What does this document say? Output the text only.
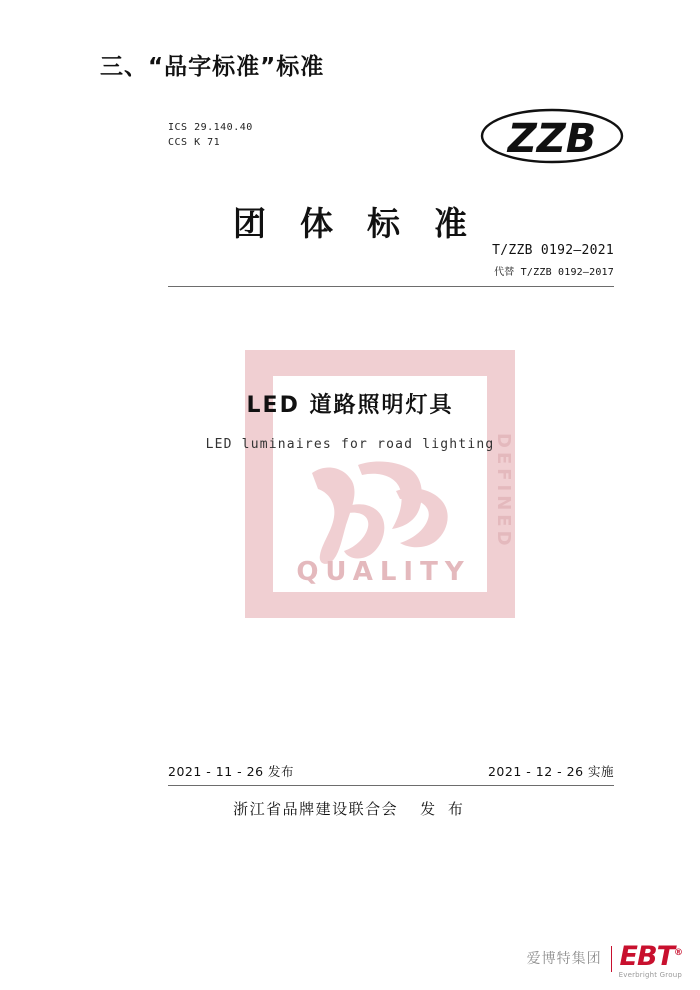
三、“品字标准”标准
ICS 29.140.40
CCS K 71	ZZB
团体标准
T/ZZB 0192—2021
代替 T/ZZB 0192—2017
DEFINED
QUALITY
LED 道路照明灯具
LED luminaires for road lighting
2021 - 11 - 26 发布	2021 - 12 - 26 实施
浙江省品牌建设联合会 发 布
爱博特集团 EBT®
Everbright Group
